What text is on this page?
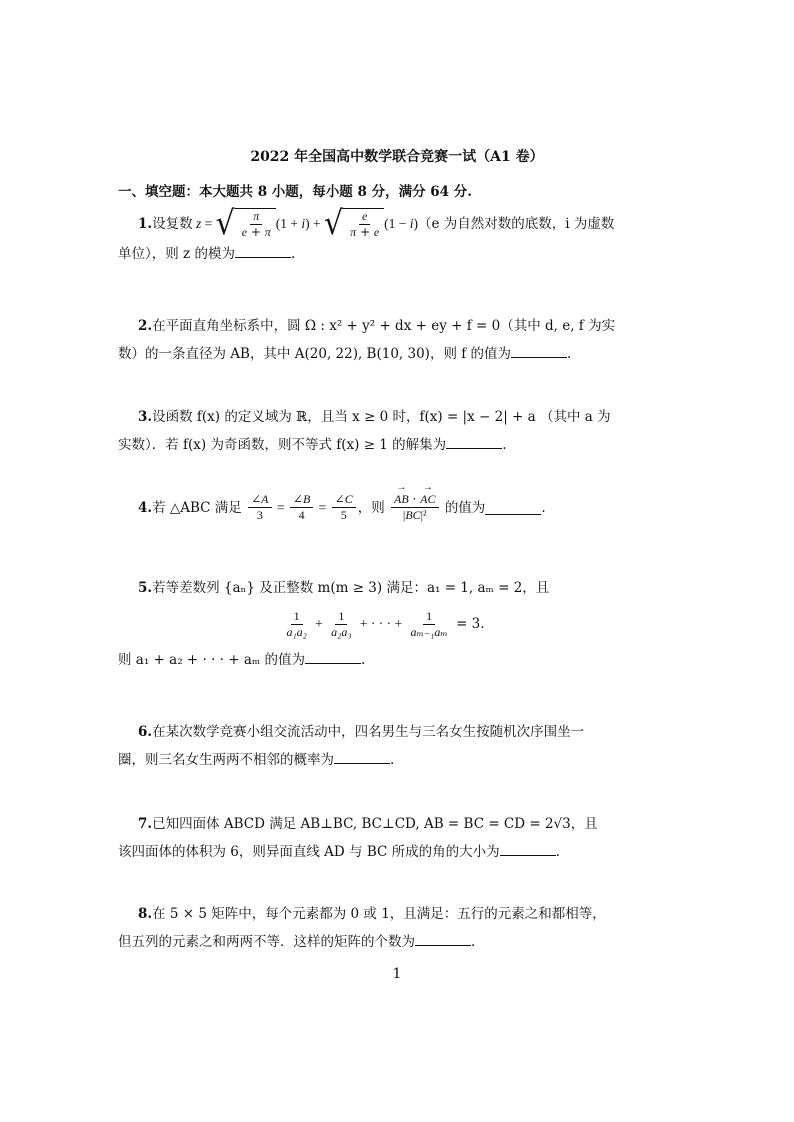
2022 年全国高中数学联合竞赛一试（A1 卷）
一、填空题：本大题共 8 小题，每小题 8 分，满分 64 分.
1. 设复数 z = √ $\frac{\pi}{e + \pi} (1 + i)$ + √ $\frac{e}{\pi + e} (1 - i)$ （e 为自然对数的底数，i 为虚数
单位），则 z 的模为	.
2.在平面直角坐标系中，圆 Ω : x² + y² + dx + ey + f = 0（其中 d, e, f 为实
数）的一条直径为 AB，其中 A(20, 22), B(10, 30)，则 f 的值为	.
3.设函数 f(x) 的定义域为 ℝ，且当 x ≥ 0 时，f(x) = |x − 2| + a （其中 a 为
实数）．若 f(x) 为奇函数，则不等式 f(x) ≥ 1 的解集为	.
4. 若 △ABC 满足
$\frac{\angle A}{3} = \frac{\angle B}{4} = \frac{\angle C}{5}$ ，则

→ $\frac{AB \cdot \to AC}{\text{|BC|²}}$
的值为	.
5.若等差数列 {aₙ} 及正整数 m(m ≥ 3) 满足：a₁ = 1, aₘ = 2，且
$\frac{1}{\text{a₁a₂}} + \frac{1}{\text{a₂a₃}}$ + · · · + $\frac{1}{\text{aₘ₋₁aₘ}}$
= 3.
则 a₁ + a₂ + · · · + aₘ 的值为	.
6.在某次数学竞赛小组交流活动中，四名男生与三名女生按随机次序围坐一
圈，则三名女生两两不相邻的概率为	.
7.已知四面体 ABCD 满足 AB⊥BC, BC⊥CD, AB = BC = CD = 2√3，且
该四面体的体积为 6，则异面直线 AD 与 BC 所成的角的大小为	.
8.在 5 × 5 矩阵中，每个元素都为 0 或 1，且满足：五行的元素之和都相等，
但五列的元素之和两两不等．这样的矩阵的个数为	.
1
